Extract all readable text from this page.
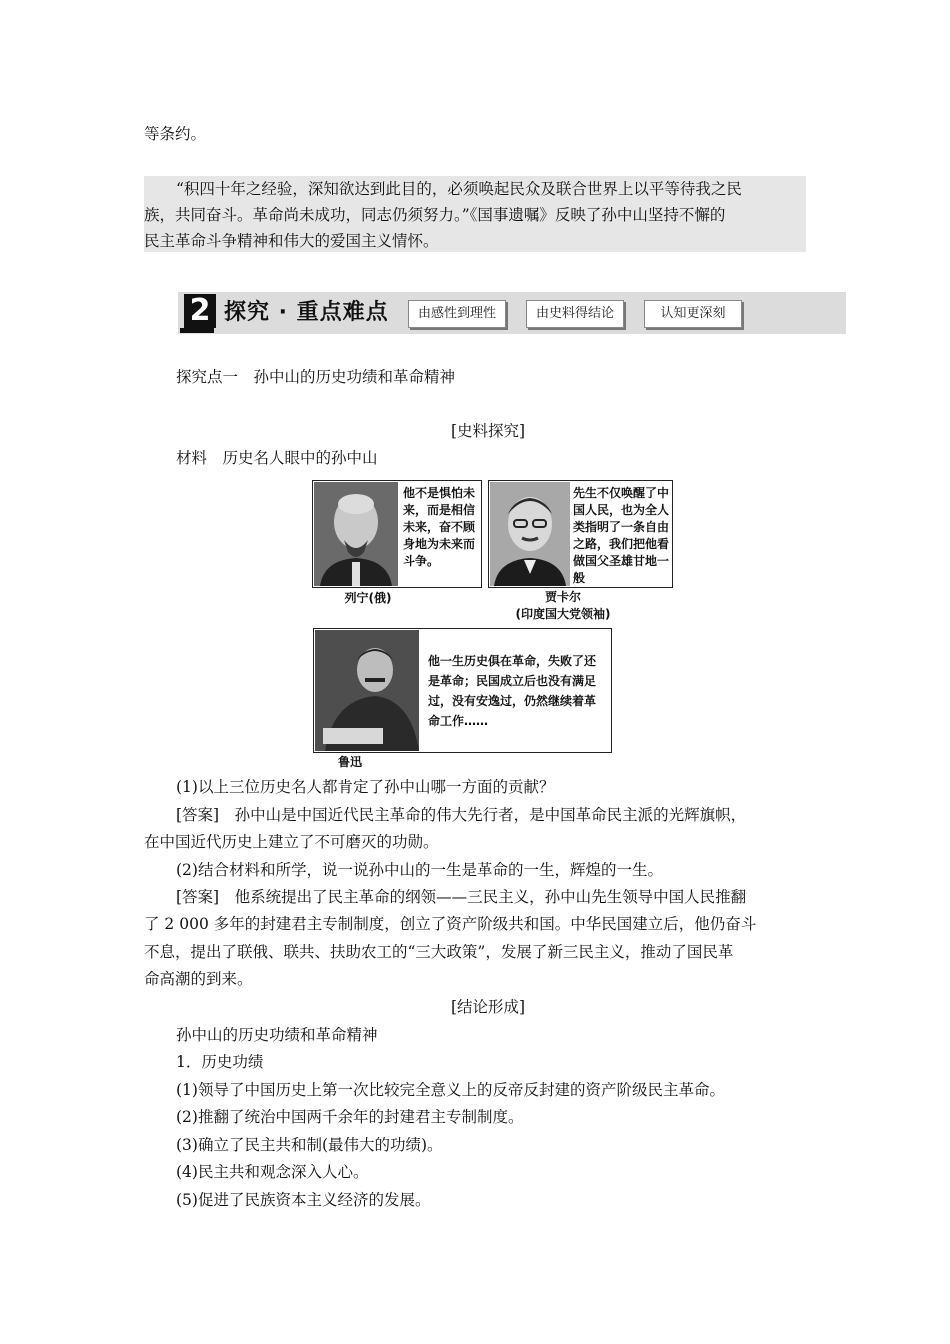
等条约。
“积四十年之经验，深知欲达到此目的，必须唤起民众及联合世界上以平等待我之民
族，共同奋斗。革命尚未成功，同志仍须努力。”《国事遗嘱》反映了孙中山坚持不懈的
民主革命斗争精神和伟大的爱国主义情怀。
2 探究 · 重点难点	由感性到理性	由史料得结论	认知更深刻
探究点一　孙中山的历史功绩和革命精神
[史料探究]
材料　历史名人眼中的孙中山
他不是惧怕未来，而是相信未来，奋不顾身地为未来而斗争。
列宁(俄)
先生不仅唤醒了中国人民，也为全人类指明了一条自由之路，我们把他看做国父圣雄甘地一般
贾卡尔
(印度国大党领袖)
他一生历史俱在革命，失败了还是革命；民国成立后也没有满足过，没有安逸过，仍然继续着革命工作……
鲁迅
(1)以上三位历史名人都肯定了孙中山哪一方面的贡献？
[答案]　孙中山是中国近代民主革命的伟大先行者，是中国革命民主派的光辉旗帜，
在中国近代历史上建立了不可磨灭的功勋。
(2)结合材料和所学，说一说孙中山的一生是革命的一生，辉煌的一生。
[答案]　他系统提出了民主革命的纲领——三民主义，孙中山先生领导中国人民推翻
了 2 000 多年的封建君主专制制度，创立了资产阶级共和国。中华民国建立后，他仍奋斗
不息，提出了联俄、联共、扶助农工的“三大政策”，发展了新三民主义，推动了国民革
命高潮的到来。
[结论形成]
孙中山的历史功绩和革命精神
1．历史功绩
(1)领导了中国历史上第一次比较完全意义上的反帝反封建的资产阶级民主革命。
(2)推翻了统治中国两千余年的封建君主专制制度。
(3)确立了民主共和制(最伟大的功绩)。
(4)民主共和观念深入人心。
(5)促进了民族资本主义经济的发展。
